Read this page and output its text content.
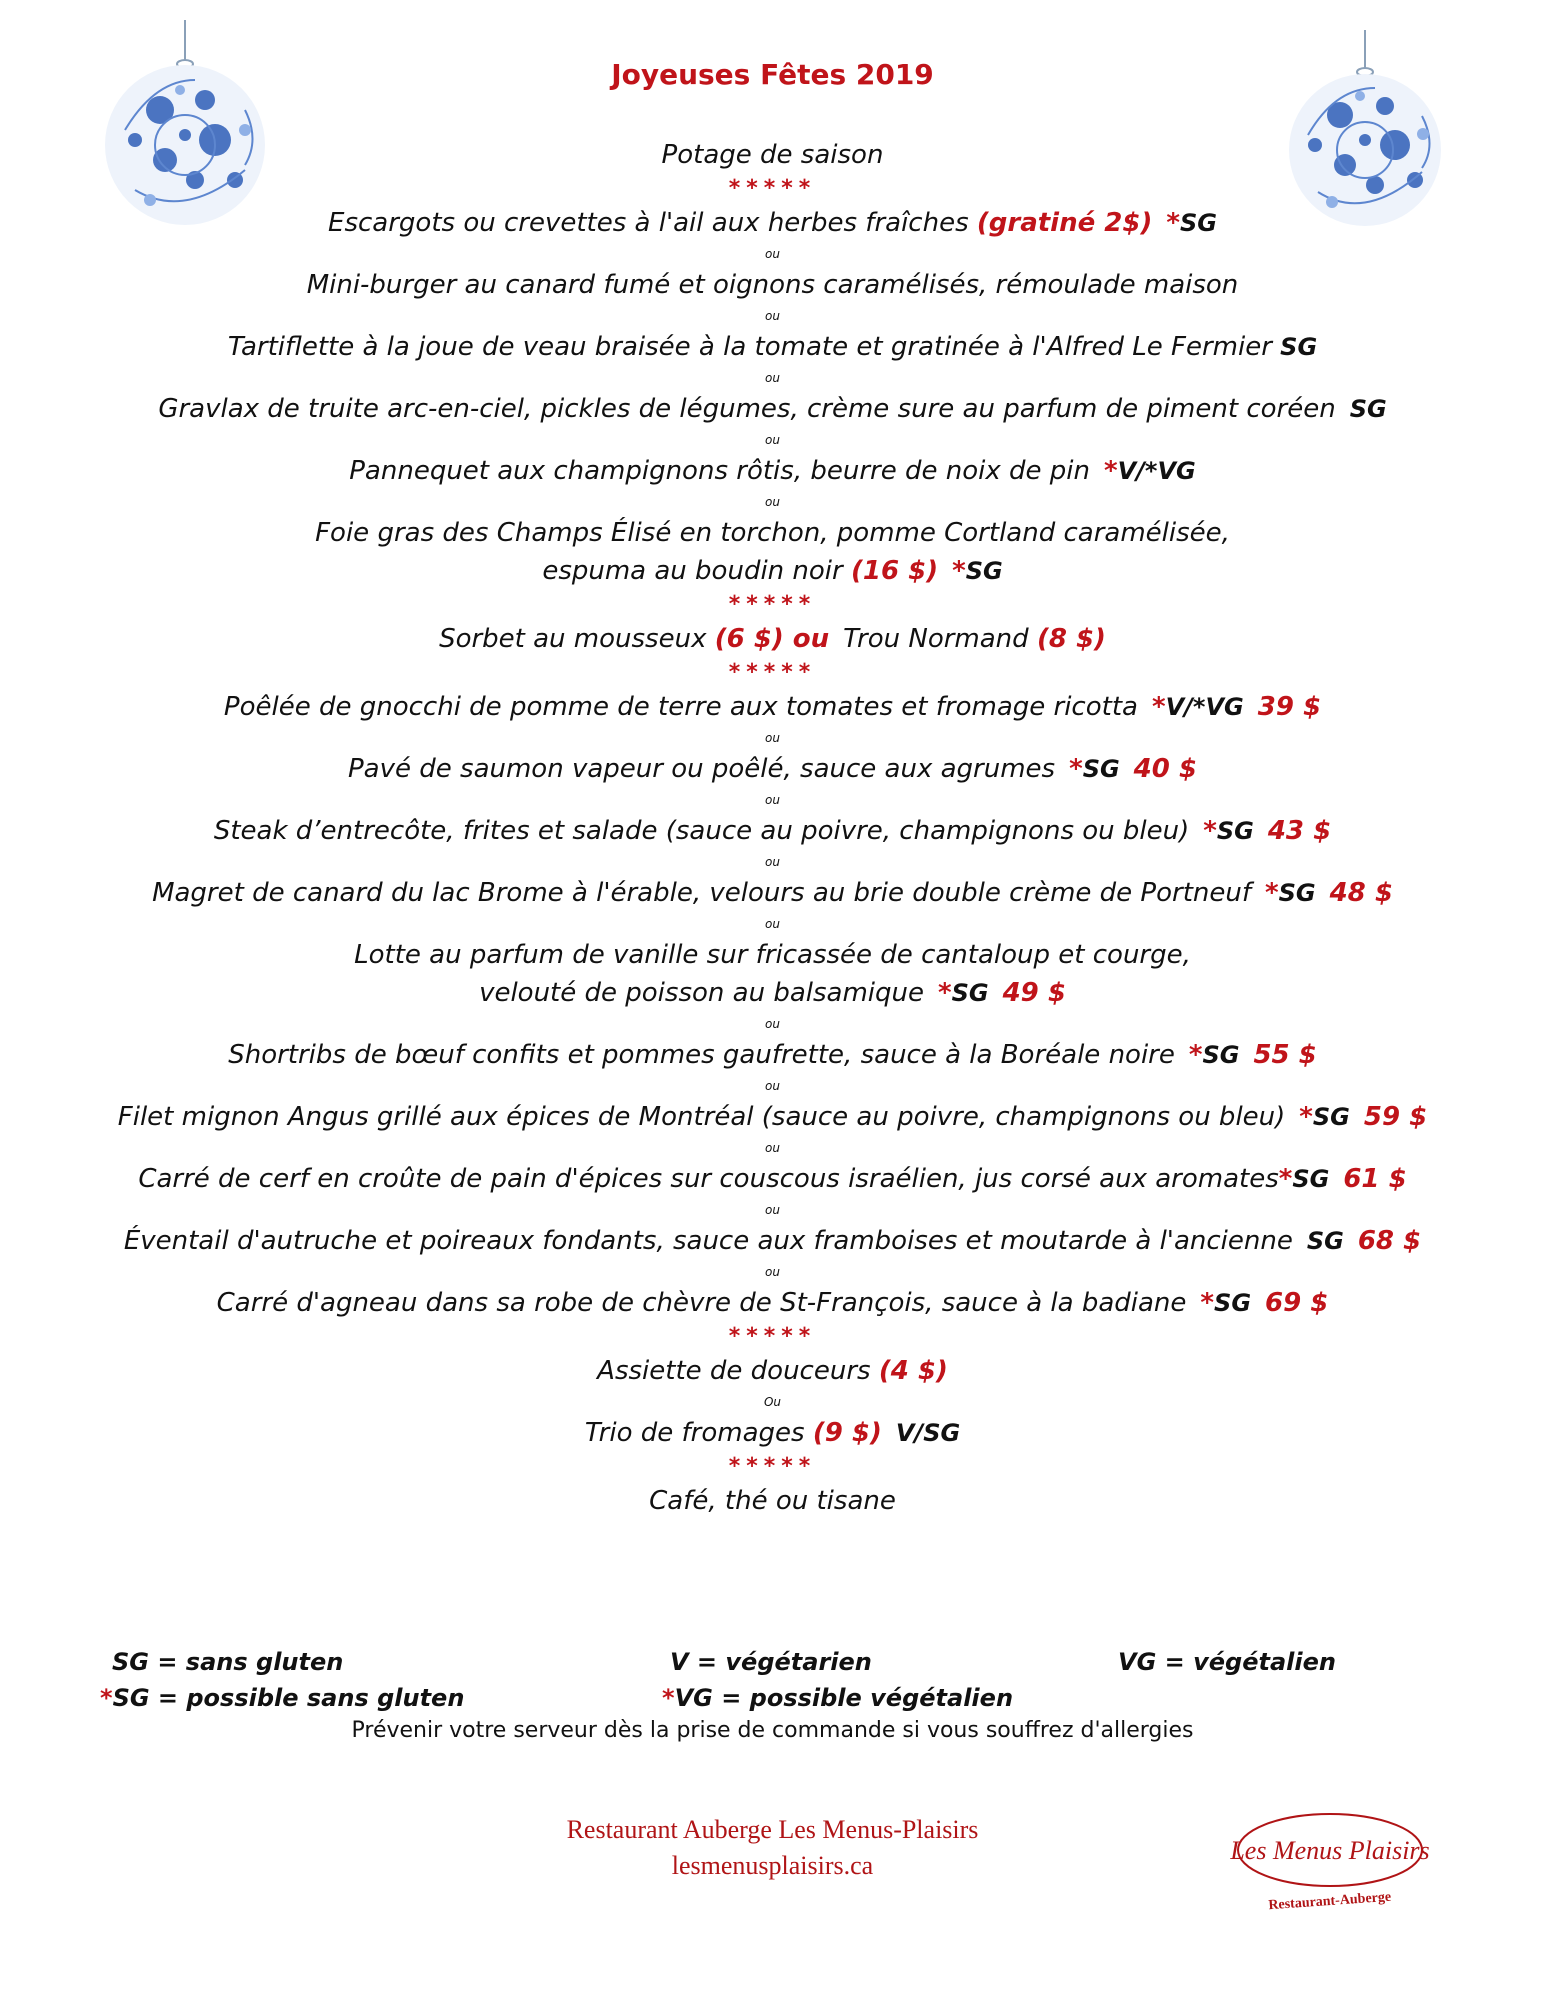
Joyeuses Fêtes 2019
Potage de saison
*****
Escargots ou crevettes à l'ail aux herbes fraîches (gratiné 2$) *SG
ou
Mini-burger au canard fumé et oignons caramélisés, rémoulade maison
ou
Tartiflette à la joue de veau braisée à la tomate et gratinée à l'Alfred Le Fermier SG
ou
Gravlax de truite arc-en-ciel, pickles de légumes, crème sure au parfum de piment coréen SG
ou
Pannequet aux champignons rôtis, beurre de noix de pin *V/*VG
ou
Foie gras des Champs Élisé en torchon, pomme Cortland caramélisée,
espuma au boudin noir (16 $) *SG
*****
Sorbet au mousseux (6 $) ou Trou Normand (8 $)
*****
Poêlée de gnocchi de pomme de terre aux tomates et fromage ricotta *V/*VG 39 $
ou
Pavé de saumon vapeur ou poêlé, sauce aux agrumes *SG 40 $
ou
Steak d’entrecôte, frites et salade (sauce au poivre, champignons ou bleu) *SG 43 $
ou
Magret de canard du lac Brome à l'érable, velours au brie double crème de Portneuf *SG 48 $
ou
Lotte au parfum de vanille sur fricassée de cantaloup et courge,
velouté de poisson au balsamique *SG 49 $
ou
Shortribs de bœuf confits et pommes gaufrette, sauce à la Boréale noire *SG 55 $
ou
Filet mignon Angus grillé aux épices de Montréal (sauce au poivre, champignons ou bleu) *SG 59 $
ou
Carré de cerf en croûte de pain d'épices sur couscous israélien, jus corsé aux aromates*SG 61 $
ou
Éventail d'autruche et poireaux fondants, sauce aux framboises et moutarde à l'ancienne SG 68 $
ou
Carré d'agneau dans sa robe de chèvre de St-François, sauce à la badiane *SG 69 $
*****
Assiette de douceurs (4 $)
Ou
Trio de fromages (9 $) V/SG
*****
Café, thé ou tisane
SG = sans gluten	V = végétarien	VG = végétalien
*SG = possible sans gluten	*VG = possible végétalien
Prévenir votre serveur dès la prise de commande si vous souffrez d'allergies
Restaurant Auberge Les Menus-Plaisirs
lesmenusplaisirs.ca
Les Menus Plaisirs
Restaurant-Auberge
